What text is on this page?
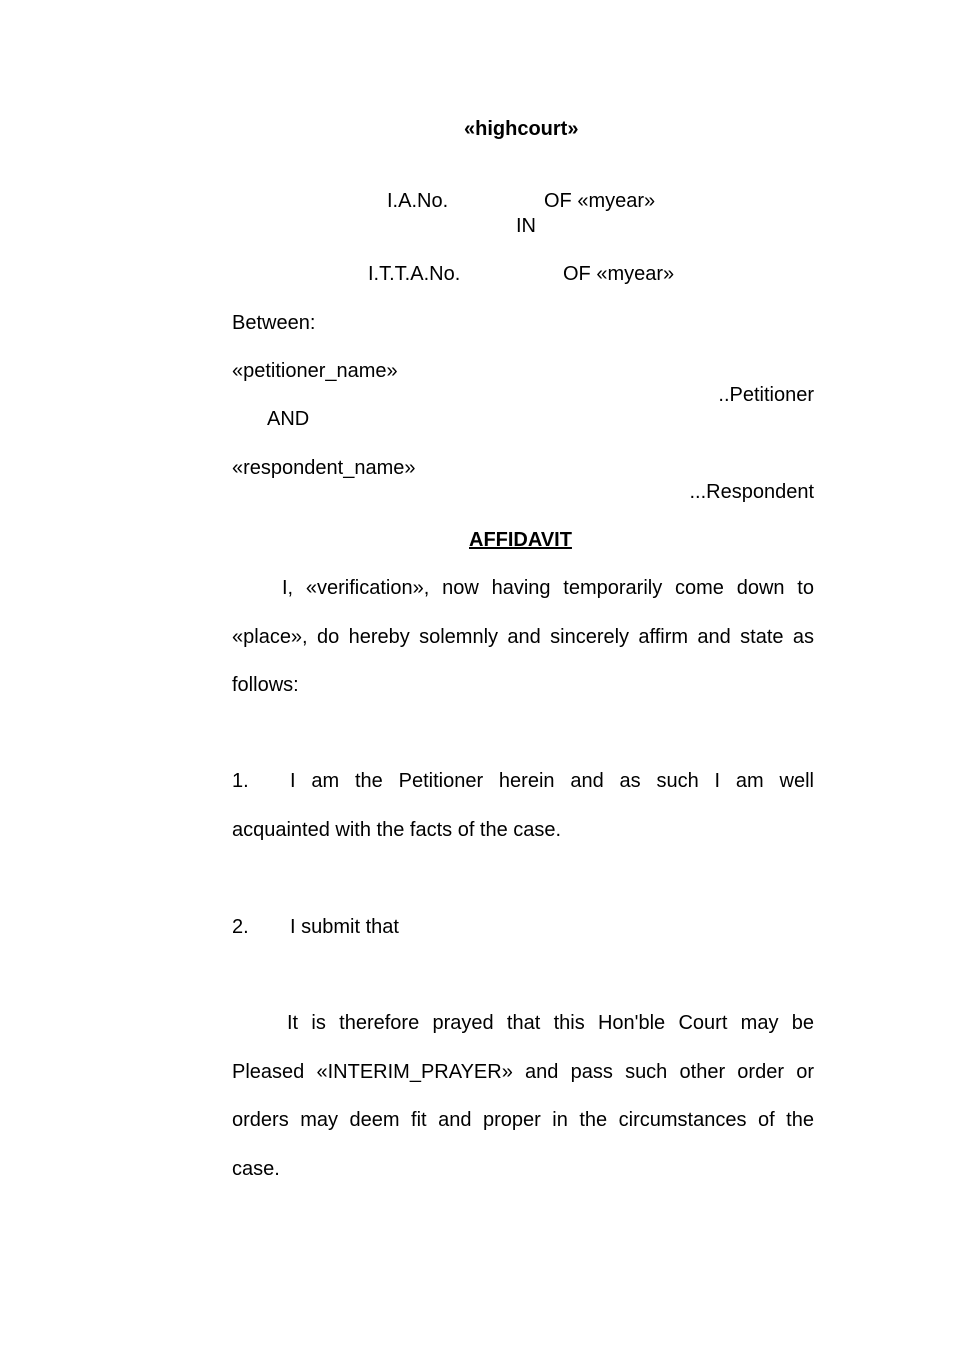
«highcourt»
I.A.No.	OF «myear»
IN
I.T.T.A.No.	OF «myear»
Between:
«petitioner_name»
..Petitioner
AND
«respondent_name»
...Respondent
AFFIDAVIT
I, «verification», now having temporarily come down to
«place», do hereby solemnly and sincerely affirm and state as
follows:
1.	I am the Petitioner herein and as such I am well
acquainted with the facts of the case.
2. I submit that
It is therefore prayed that this Hon'ble Court may be
Pleased «INTERIM_PRAYER» and pass such other order or
orders may deem fit and proper in the circumstances of the
case.
